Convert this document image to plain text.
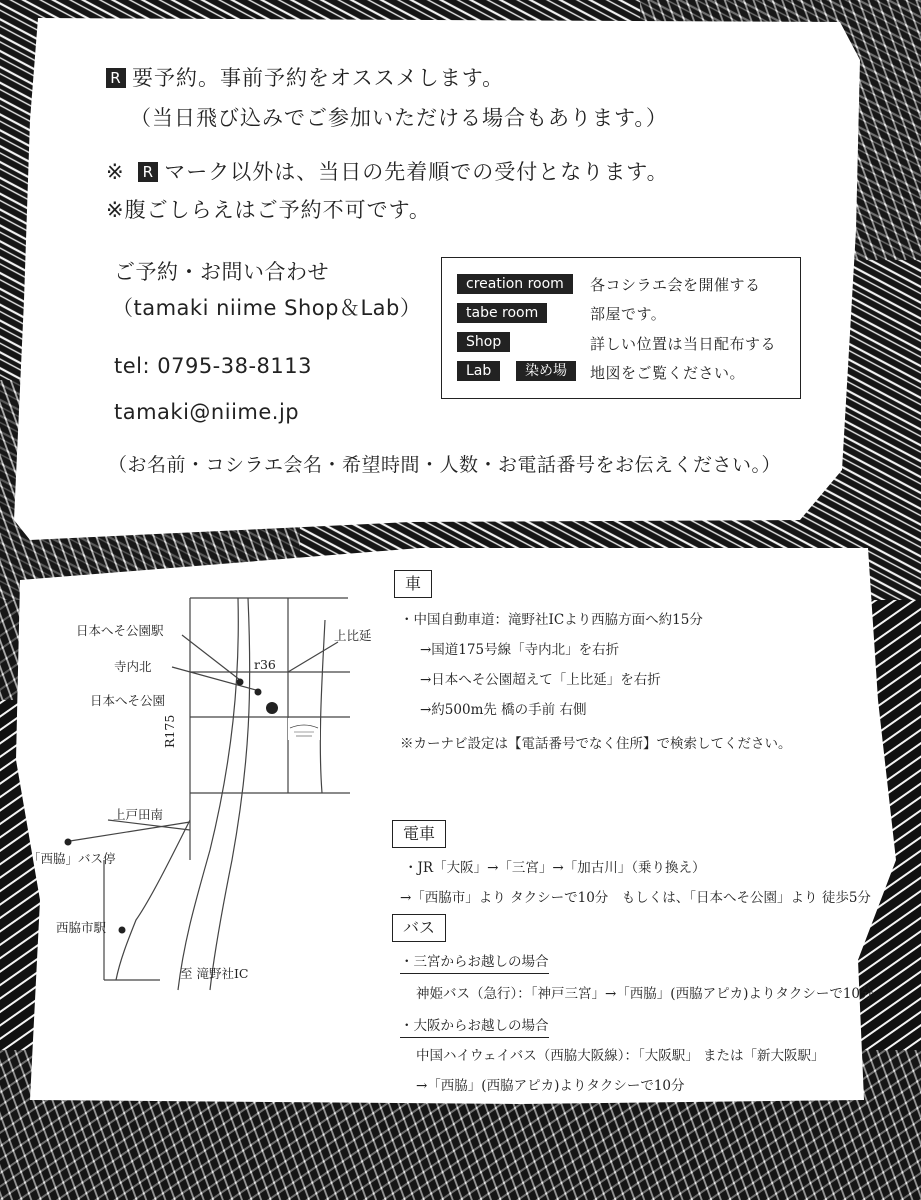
R 要予約。事前予約をオススメします。
（当日飛び込みでご参加いただける場合もあります。）
※ R マーク以外は、当日の先着順での受付となります。
※腹ごしらえはご予約不可です。
ご予約・お問い合わせ
（tamaki niime Shop＆Lab）
tel: 0795-38-8113
tamaki@niime.jp
（お名前・コシラエ会名・希望時間・人数・お電話番号をお伝えください。）
creation room
tabe room
Shop
Lab	染め場
各コシラエ会を開催する
部屋です。
詳しい位置は当日配布する
地図をご覧ください。
日本へそ公園駅
寺内北
日本へそ公園
上比延
r36
R175
上戸田南
「西脇」バス停
西脇市駅
至 滝野社IC
車
・中国自動車道：滝野社ICより西脇方面へ約15分
→国道175号線「寺内北」を右折
→日本へそ公園超えて「上比延」を右折
→約500m先 橋の手前 右側
※カーナビ設定は【電話番号でなく住所】で検索してください。
電車
・JR「大阪」→「三宮」→「加古川」（乗り換え）
→「西脇市」より タクシーで10分　もしくは、「日本へそ公園」より 徒歩5分
バス
・三宮からお越しの場合
神姫バス（急行）：「神戸三宮」→「西脇」(西脇アピカ)よりタクシーで10分
・大阪からお越しの場合
中国ハイウェイバス（西脇大阪線）：「大阪駅」 または「新大阪駅」
→「西脇」(西脇アピカ)よりタクシーで10分
